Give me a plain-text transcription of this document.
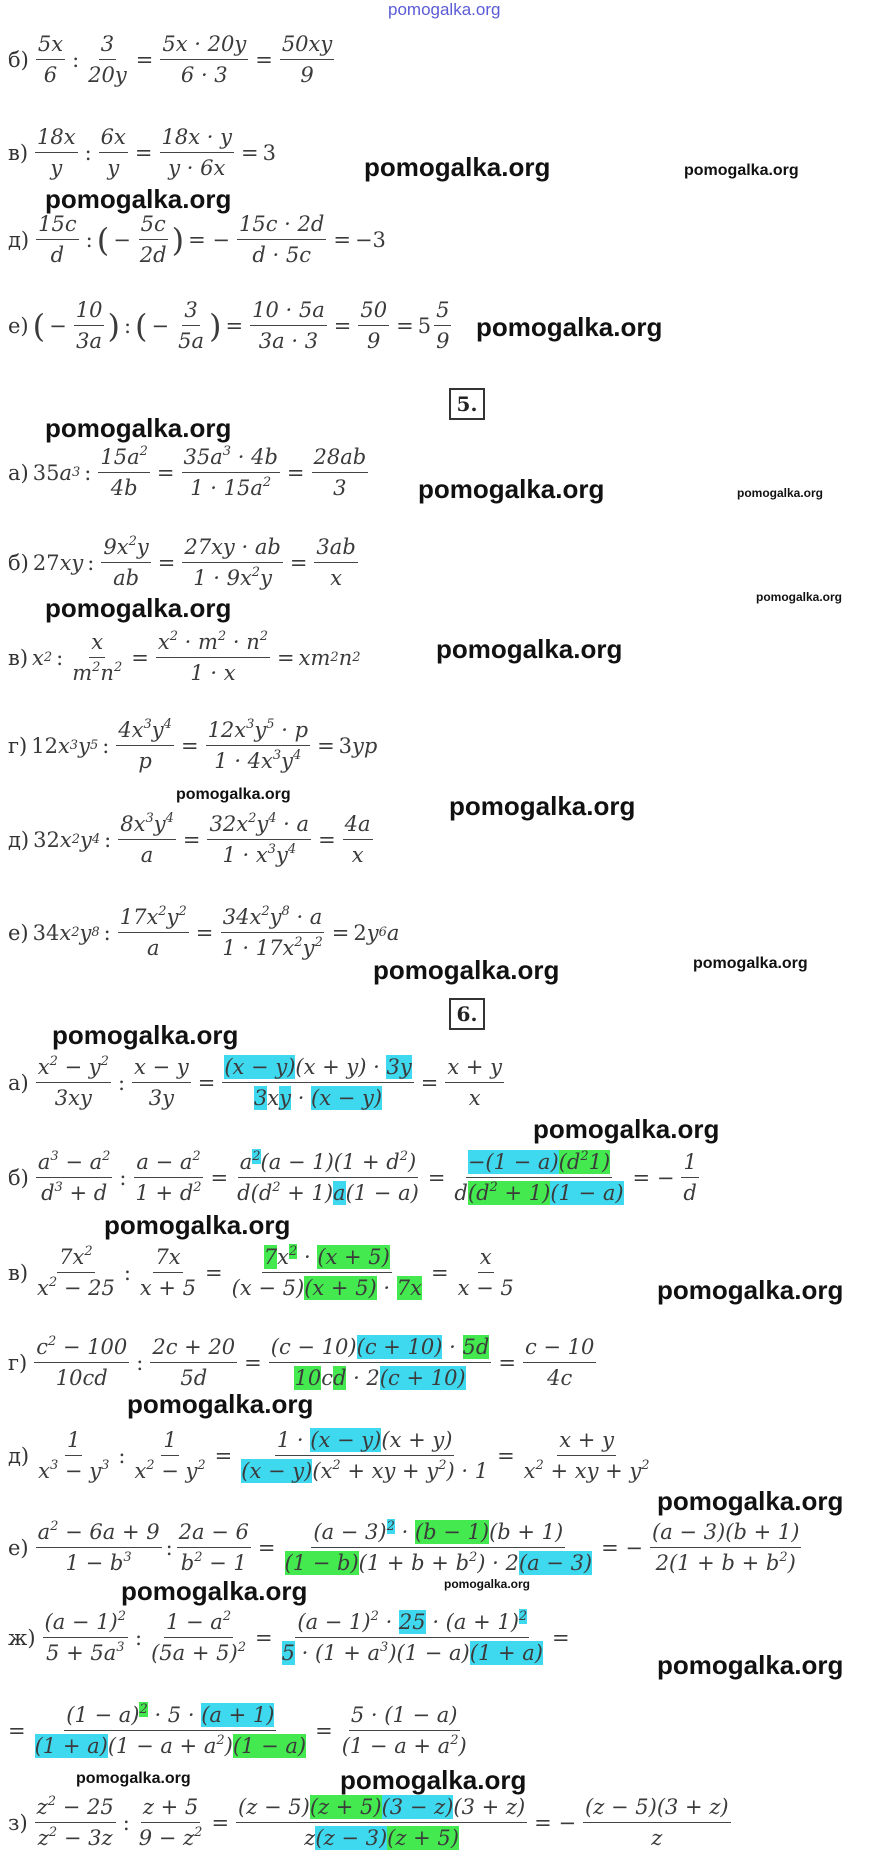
pomogalka.org
$б) \frac{5x}{6}$ : $\frac{3}{20y} = \frac{5x \cdot 20y}{6 \cdot 3} = \frac{50xy}{9}$
$в) \frac{18x}{y}$ : $\frac{6x}{y} = \frac{18x \cdot y}{y \cdot 6x} = 3$
$д) \frac{15c}{d}$ : ( − $\frac{5c}{2d}$ ) = − $\frac{15c \cdot 2d}{d \cdot 5c} = -3$
е) ( − $\frac{10}{3a}$ ) : ( − $\frac{3}{5a}$ ) = $\frac{10 \cdot 5a}{3a \cdot 3} = \frac{50}{9} = 5 \frac{5}{9}$
5.
а) 35 a 3 : $\frac{15a^2}{4b} = \frac{35a^3 \cdot 4b}{1 \cdot 15a^2} = \frac{28ab}{3}$
б) 27 xy : $\frac{9x^2y}{ab} = \frac{27xy \cdot ab}{1 \cdot 9x^2y} = \frac{3ab}{x}$
в) x 2 : $\frac{x}{m^2n^2} = \frac{x^2 \cdot m^2 \cdot n^2}{1 \cdot x}$ = xm 2 n 2
г) 12 x 3 y 5 : $\frac{4x^3y^4}{p} = \frac{12x^3y^5 \cdot p}{1 \cdot 4x^3y^4} = 3$ yp
д) 32 x 2 y 4 : $\frac{8x^3y^4}{a} = \frac{32x^2y^4 \cdot a}{1 \cdot x^3y^4} = \frac{4a}{x}$
е) 34 x 2 y 8 : $\frac{17x^2y^2}{a} = \frac{34x^2y^8 \cdot a}{1 \cdot 17x^2y^2} = 2$ y 6 a
6.
$а) \frac{x^2 - y^2}{3xy}$ : $\frac{x - y}{3y} = \frac{(x - y)(x + y) \cdot 3y}{3xy \cdot (x - y)} = \frac{x + y}{x}$
$б) \frac{a^3 - a^2}{d^3 + d}$ : $\frac{a - a^2}{1 + d^2} = \frac{a^2(a - 1)(1 + d^2)}{d(d^2 + 1)a(1 - a)} = \frac{-(1 - a)(d^21)}{d(d^2 + 1)(1 - a)}$ = − $\frac{1}{d}$
$в) \frac{7x^2}{x^2 - 25}$ : $\frac{7x}{x + 5} = \frac{7x^2 \cdot (x + 5)}{(x - 5)(x + 5) \cdot 7x} = \frac{x}{x - 5}$
$г) \frac{c^2 - 100}{10cd}$ : $\frac{2c + 20}{5d} = \frac{(c - 10)(c + 10) \cdot 5d}{10cd \cdot 2(c + 10)} = \frac{c - 10}{4c}$
$д) \frac{1}{x^3 - y^3}$ : $\frac{1}{x^2 - y^2} = \frac{1 \cdot (x - y)(x + y)}{(x - y)(x^2 + xy + y^2) \cdot 1} = \frac{x + y}{x^2 + xy + y^2}$
$е) \frac{a^2 - 6a + 9}{1 - b^3}$ : $\frac{2a - 6}{b^2 - 1} = \frac{(a - 3)^2 \cdot (b - 1)(b + 1)}{(1 - b)(1 + b + b^2) \cdot 2(a - 3)}$ = − $\frac{(a - 3)(b + 1)}{2(1 + b + b^2)}$
$ж) \frac{(a - 1)^2}{5 + 5a^3}$ : $\frac{1 - a^2}{(5a + 5)^2} = \frac{(a - 1)^2 \cdot 25 \cdot (a + 1)^2}{5 \cdot (1 + a^3)(1 - a)(1 + a)}$ =
= $\frac{(1 - a)^2 \cdot 5 \cdot (a + 1)}{(1 + a)(1 - a + a^2)(1 - a)} = \frac{5 \cdot (1 - a)}{(1 - a + a^2)}$
$з) \frac{z^2 - 25}{z^2 - 3z}$ : $\frac{z + 5}{9 - z^2} = \frac{(z - 5)(z + 5)(3 - z)(3 + z)}{z(z - 3)(z + 5)}$ = − $\frac{(z - 5)(3 + z)}{z}$
pomogalka.org	pomogalka.org
pomogalka.org
pomogalka.org
pomogalka.org
pomogalka.org	pomogalka.org
pomogalka.org
pomogalka.org
pomogalka.org
pomogalka.org	pomogalka.org
pomogalka.org	pomogalka.org
pomogalka.org
pomogalka.org
pomogalka.org
pomogalka.org
pomogalka.org
pomogalka.org
pomogalka.org	pomogalka.org
pomogalka.org
pomogalka.org	pomogalka.org
